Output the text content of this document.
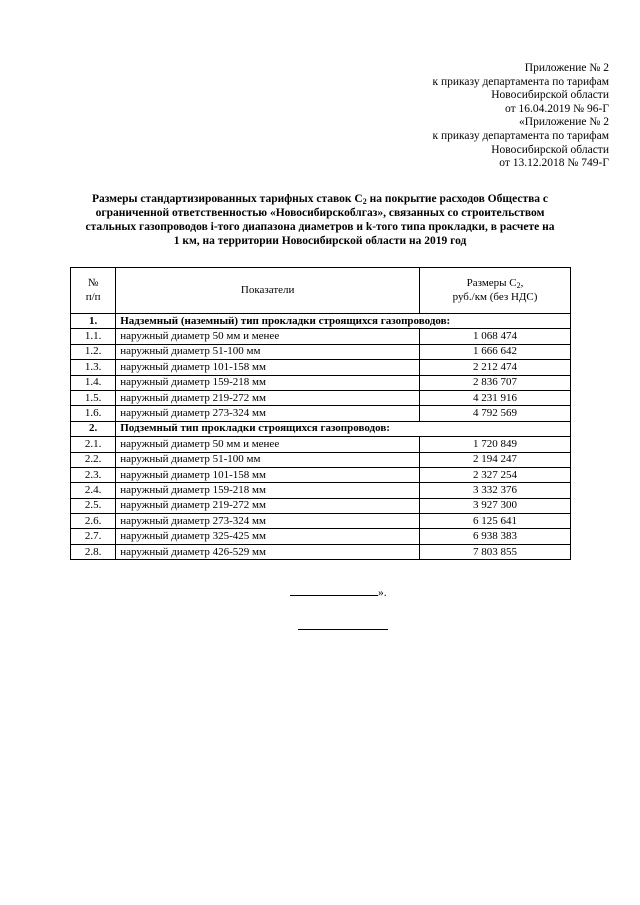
Приложение № 2
к приказу департамента по тарифам
Новосибирской области
от 16.04.2019 № 96-Г
«Приложение № 2
к приказу департамента по тарифам
Новосибирской области
от 13.12.2018 № 749-Г
Размеры стандартизированных тарифных ставок $С_2$ на покрытие расходов Общества с
ограниченной ответственностью «Новосибирскоблгаз», связанных со строительством
стальных газопроводов i-того диапазона диаметров и k-того типа прокладки, в расчете на
1 км, на территории Новосибирской области на 2019 год
№
п/п	Показатели	Размеры $С_2$,
руб./км (без НДС)
1.	Надземный (наземный) тип прокладки строящихся газопроводов:	
1.1.	наружный диаметр 50 мм и менее	1 068 474
1.2.	наружный диаметр 51-100 мм	1 666 642
1.3.	наружный диаметр 101-158 мм	2 212 474
1.4.	наружный диаметр 159-218 мм	2 836 707
1.5.	наружный диаметр 219-272 мм	4 231 916
1.6.	наружный диаметр 273-324 мм	4 792 569
2.	Подземный тип прокладки строящихся газопроводов:	
2.1.	наружный диаметр 50 мм и менее	1 720 849
2.2.	наружный диаметр 51-100 мм	2 194 247
2.3.	наружный диаметр 101-158 мм	2 327 254
2.4.	наружный диаметр 159-218 мм	3 332 376
2.5.	наружный диаметр 219-272 мм	3 927 300
2.6.	наружный диаметр 273-324 мм	6 125 641
2.7.	наружный диаметр 325-425 мм	6 938 383
2.8.	наружный диаметр 426-529 мм	7 803 855
».
